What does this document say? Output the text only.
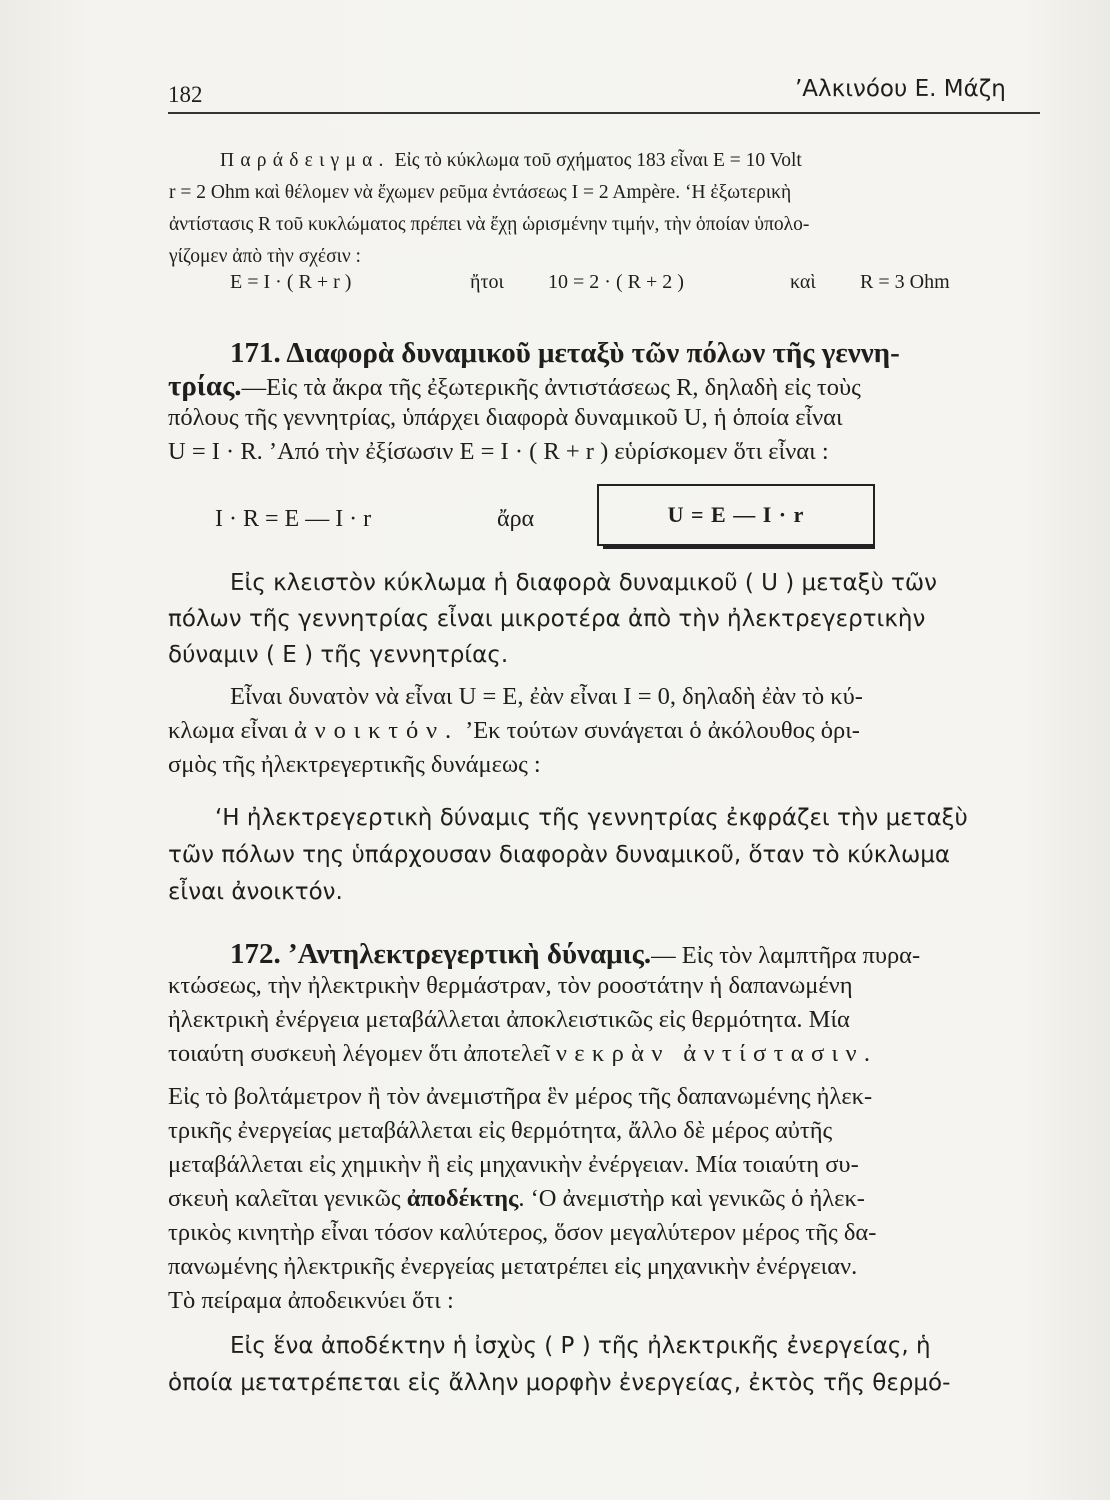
182	’Αλκινόου Ε. Μάζη
Παράδειγμα. Εἰς τὸ κύκλωμα τοῦ σχήματος 183 εἶναι E = 10 Volt
r = 2 Ohm καὶ θέλομεν νὰ ἔχωμεν ρεῦμα ἐντάσεως I = 2 Ampère. ‘Η ἐξωτερικὴ
ἀντίστασις R τοῦ κυκλώματος πρέπει νὰ ἔχῃ ὡρισμένην τιμήν, τὴν ὁποίαν ὑπολο-
γίζομεν ἀπὸ τὴν σχέσιν :
E = I · ( R + r )	ἤτοι 10 = 2 · ( R + 2 )	καὶ R = 3 Ohm
171. Διαφορὰ δυναμικοῦ μεταξὺ τῶν πόλων τῆς γεννη-
τρίας.—Εἰς τὰ ἄκρα τῆς ἐξωτερικῆς ἀντιστάσεως R, δηλαδὴ εἰς τοὺς
πόλους τῆς γεννητρίας, ὑπάρχει διαφορὰ δυναμικοῦ U, ἡ ὁποία εἶναι
U = I · R. ’Από τὴν ἐξίσωσιν E = I · ( R + r ) εὑρίσκομεν ὅτι εἶναι :
I · R = E — I · r	ἄρα	U = E — I · r
Εἰς κλειστὸν κύκλωμα ἡ διαφορὰ δυναμικοῦ ( U ) μεταξὺ τῶν
πόλων τῆς γεννητρίας εἶναι μικροτέρα ἀπὸ τὴν ἠλεκτρεγερτικὴν
δύναμιν ( E ) τῆς γεννητρίας.
Εἶναι δυνατὸν νὰ εἶναι U = E, ἐὰν εἶναι I = 0, δηλαδὴ ἐὰν τὸ κύ-
κλωμα εἶναι ἀνοικτόν. ’Εκ τούτων συνάγεται ὁ ἀκόλουθος ὁρι-
σμὸς τῆς ἠλεκτρεγερτικῆς δυνάμεως :
‘Η ἠλεκτρεγερτικὴ δύναμις τῆς γεννητρίας ἐκφράζει τὴν μεταξὺ
τῶν πόλων της ὑπάρχουσαν διαφορὰν δυναμικοῦ, ὅταν τὸ κύκλωμα
εἶναι ἀνοικτόν.
172. ’Αντηλεκτρεγερτικὴ δύναμις.— Εἰς τὸν λαμπτῆρα πυρα-
κτώσεως, τὴν ἠλεκτρικὴν θερμάστραν, τὸν ροοστάτην ἡ δαπανωμένη
ἠλεκτρικὴ ἐνέργεια μεταβάλλεται ἀποκλειστικῶς εἰς θερμότητα. Μία
τοιαύτη συσκευὴ λέγομεν ὅτι ἀποτελεῖ νεκρὰν ἀντίστασιν.
Εἰς τὸ βολτάμετρον ἢ τὸν ἀνεμιστῆρα ἓν μέρος τῆς δαπανωμένης ἠλεκ-
τρικῆς ἐνεργείας μεταβάλλεται εἰς θερμότητα, ἄλλο δὲ μέρος αὐτῆς
μεταβάλλεται εἰς χημικὴν ἢ εἰς μηχανικὴν ἐνέργειαν. Μία τοιαύτη συ-
σκευὴ καλεῖται γενικῶς ἀποδέκτης. ‘Ο ἀνεμιστὴρ καὶ γενικῶς ὁ ἠλεκ-
τρικὸς κινητὴρ εἶναι τόσον καλύτερος, ὅσον μεγαλύτερον μέρος τῆς δα-
πανωμένης ἠλεκτρικῆς ἐνεργείας μετατρέπει εἰς μηχανικὴν ἐνέργειαν.
Τὸ πείραμα ἀποδεικνύει ὅτι :
Εἰς ἕνα ἀποδέκτην ἡ ἰσχὺς ( P ) τῆς ἠλεκτρικῆς ἐνεργείας, ἡ
ὁποία μετατρέπεται εἰς ἄλλην μορφὴν ἐνεργείας, ἐκτὸς τῆς θερμό-
